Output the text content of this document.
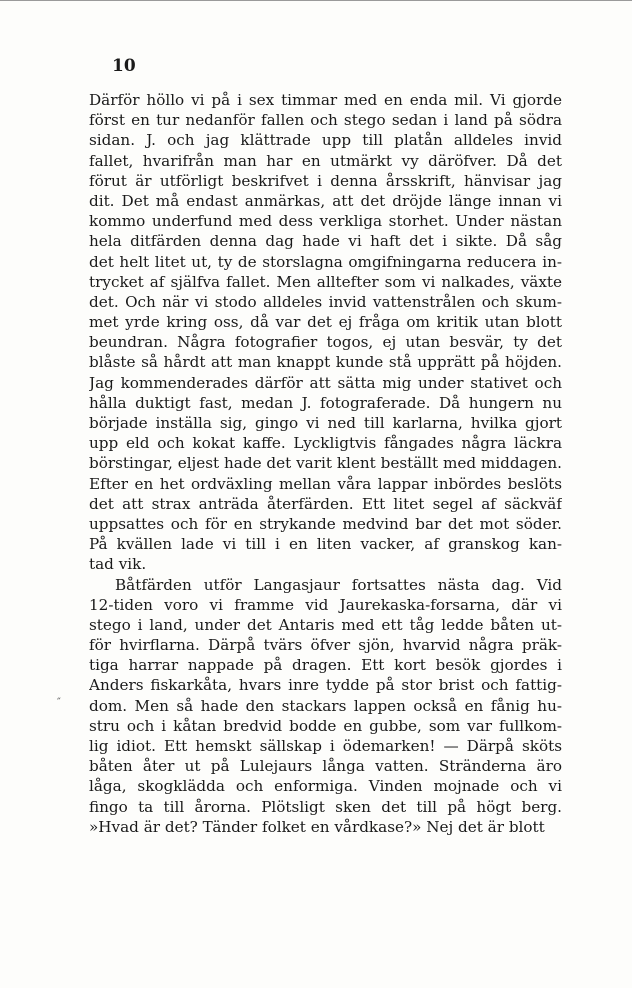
10
˝
Därför höllo vi på i sex timmar med en enda mil. Vi gjorde
först en tur nedanför fallen och stego sedan i land på södra
sidan. J. och jag klättrade upp till platån alldeles invid
fallet, hvarifrån man har en utmärkt vy däröfver. Då det
förut är utförligt beskrifvet i denna årsskrift, hänvisar jag
dit. Det må endast anmärkas, att det dröjde länge innan vi
kommo underfund med dess verkliga storhet. Under nästan
hela ditfärden denna dag hade vi haft det i sikte. Då såg
det helt litet ut, ty de storslagna omgifningarna reducera in-
trycket af själfva fallet. Men alltefter som vi nalkades, växte
det. Och när vi stodo alldeles invid vattenstrålen och skum-
met yrde kring oss, då var det ej fråga om kritik utan blott
beundran. Några fotografier togos, ej utan besvär, ty det
blåste så hårdt att man knappt kunde stå upprätt på höjden.
Jag kommenderades därför att sätta mig under stativet och
hålla duktigt fast, medan J. fotograferade. Då hungern nu
började inställa sig, gingo vi ned till karlarna, hvilka gjort
upp eld och kokat kaffe. Lyckligtvis fångades några läckra
börstingar, eljest hade det varit klent beställt med middagen.
Efter en het ordväxling mellan våra lappar inbördes beslöts
det att strax anträda återfärden. Ett litet segel af säckväf
uppsattes och för en strykande medvind bar det mot söder.
På kvällen lade vi till i en liten vacker, af granskog kan-
tad vik.
Båtfärden utför Langasjaur fortsattes nästa dag. Vid
12-tiden voro vi framme vid Jaurekaska-forsarna, där vi
stego i land, under det Antaris med ett tåg ledde båten ut-
för hvirflarna. Därpå tvärs öfver sjön, hvarvid några präk-
tiga harrar nappade på dragen. Ett kort besök gjordes i
Anders fiskarkåta, hvars inre tydde på stor brist och fattig-
dom. Men så hade den stackars lappen också en fånig hu-
stru och i kåtan bredvid bodde en gubbe, som var fullkom-
lig idiot. Ett hemskt sällskap i ödemarken! — Därpå sköts
båten åter ut på Lulejaurs långa vatten. Stränderna äro
låga, skogklädda och enformiga. Vinden mojnade och vi
fingo ta till årorna. Plötsligt sken det till på högt berg.
»Hvad är det? Tänder folket en vårdkase?» Nej det är blott
